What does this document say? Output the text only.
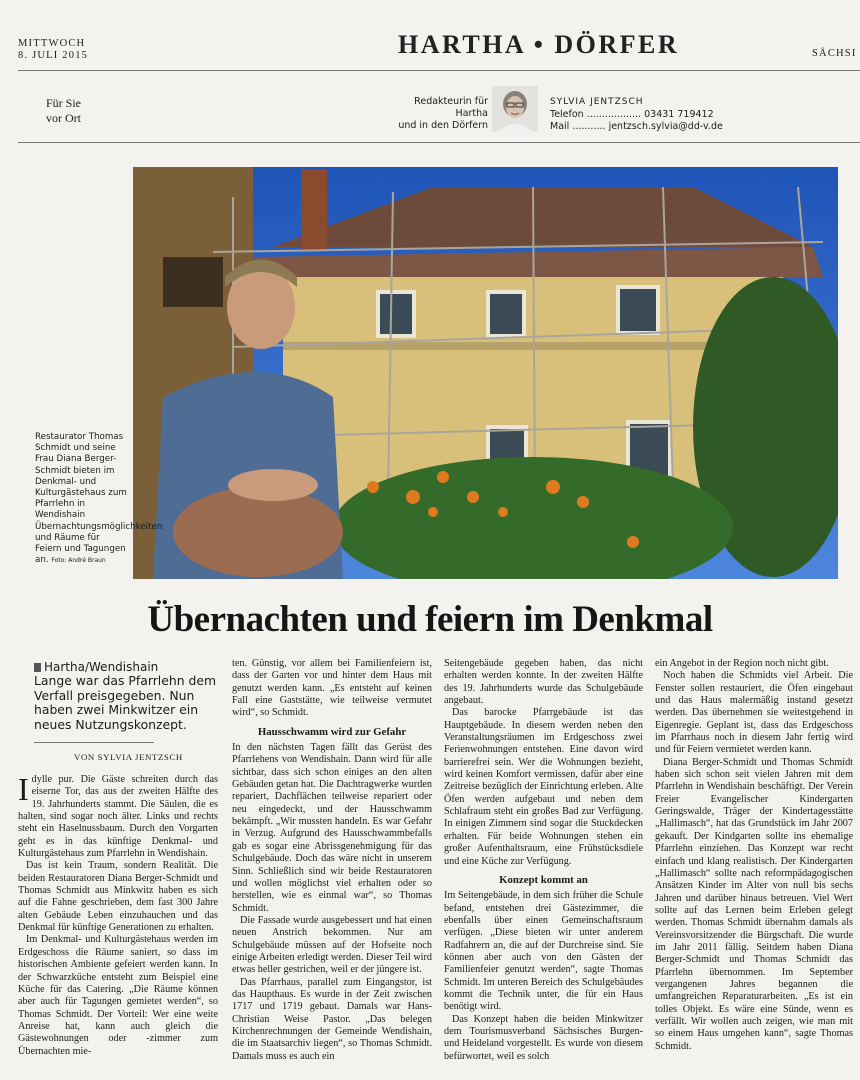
MITTWOCH
8. JULI 2015	HARTHA • DÖRFER	SÄCHSI
Für Sie
vor Ort
Redakteurin für Hartha
und in den Dörfern
SYLVIA JENTZSCH
Telefon .................. 03431 719412
Mail ........... jentzsch.sylvia@dd-v.de
Restaurator Thomas Schmidt und seine Frau Diana Berger-Schmidt bieten im Denkmal- und Kulturgästehaus zum Pfarrlehn in Wendishain Übernachtungsmöglichkeiten und Räume für Feiern und Tagungen an. Foto: André Braun
Übernachten und feiern im Denkmal
Hartha/Wendishain
Lange war das Pfarrlehn dem Verfall preisgegeben. Nun haben zwei Minkwitzer ein neues Nutzungskonzept.
VON SYLVIA JENTZSCH

Idylle pur. Die Gäste schreiten durch das eiserne Tor, das aus der zweiten Hälfte des 19. Jahrhunderts stammt. Die Säulen, die es halten, sind sogar noch älter. Links und rechts steht ein Haselnussbaum. Durch den Vorgarten geht es in das künftige Denkmal- und Kulturgästehaus zum Pfarrlehn in Wendishain.

Das ist kein Traum, sondern Realität. Die beiden Restauratoren Diana Berger-Schmidt und Thomas Schmidt aus Minkwitz haben es sich auf die Fahne geschrieben, dem fast 300 Jahre alten Gebäude Leben einzuhauchen und das Denkmal für künftige Generationen zu erhalten.

Im Denkmal- und Kulturgästehaus werden im Erdgeschoss die Räume saniert, so dass im historischen Ambiente gefeiert werden kann. In der Schwarzküche entsteht zum Beispiel eine Küche für das Catering. „Die Räume können aber auch für Tagungen gemietet werden“, so Thomas Schmidt. Der Vorteil: Wer eine weite Anreise hat, kann auch gleich die Gästewohnungen oder -zimmer zum Übernachten mie-

ten. Günstig, vor allem bei Familienfeiern ist, dass der Garten vor und hinter dem Haus mit genutzt werden kann. „Es entsteht auf keinen Fall eine Gaststätte, wie teilweise vermutet wird“, so Schmidt.

Hausschwamm wird zur Gefahr

In den nächsten Tagen fällt das Gerüst des Pfarrlehens von Wendishain. Dann wird für alle sichtbar, dass sich schon einiges an den alten Gebäuden getan hat. Die Dachtragwerke wurden repariert, Dachflächen teilweise repariert oder neu eingedeckt, und der Hausschwamm bekämpft. „Wir mussten handeln. Es war Gefahr in Verzug. Aufgrund des Hausschwammbefalls gab es sogar eine Abrissgenehmigung für das Schulgebäude. Doch das wäre nicht in unserem Sinn. Schließlich sind wir beide Restauratoren und wollen möglichst viel erhalten oder so herstellen, wie es einmal war“, so Thomas Schmidt.

Die Fassade wurde ausgebessert und hat einen neuen Anstrich bekommen. Nur am Schulgebäude müssen auf der Hofseite noch einige Arbeiten erledigt werden. Dieser Teil wird etwas heller gestrichen, weil er der jüngere ist.

Das Pfarrhaus, parallel zum Eingangstor, ist das Haupthaus. Es wurde in der Zeit zwischen 1717 und 1719 gebaut. Damals war Hans-Christian Weise Pastor. „Das belegen Kirchenrechnungen der Gemeinde Wendishain, die im Staatsarchiv liegen“, so Thomas Schmidt. Damals muss es auch ein

Seitengebäude gegeben haben, das nicht erhalten werden konnte. In der zweiten Hälfte des 19. Jahrhunderts wurde das Schulgebäude angebaut.

Das barocke Pfarrgebäude ist das Hauptgebäude. In diesem werden neben den Veranstaltungsräumen im Erdgeschoss zwei Ferienwohnungen entstehen. Eine davon wird barrierefrei sein. Wer die Wohnungen bezieht, wird keinen Komfort vermissen, dafür aber eine Zeitreise bezüglich der Einrichtung erleben. Alte Öfen werden aufgebaut und neben dem Schlafraum steht ein großes Bad zur Verfügung. In einigen Zimmern sind sogar die Stuckdecken erhalten. Für beide Wohnungen stehen ein großer Aufenthaltsraum, eine Frühstücksdiele und eine Küche zur Verfügung.

Konzept kommt an

Im Seitengebäude, in dem sich früher die Schule befand, entstehen drei Gästezimmer, die ebenfalls über einen Gemeinschaftsraum verfügen. „Diese bieten wir unter anderem Radfahrern an, die auf der Durchreise sind. Sie können aber auch von den Gästen der Familienfeier genutzt werden“, sagte Thomas Schmidt. Im unteren Bereich des Schulgebäudes kommt die Technik unter, die für ein Haus benötigt wird.

Das Konzept haben die beiden Minkwitzer dem Tourismusverband Sächsisches Burgen- und Heideland vorgestellt. Es wurde von diesem befürwortet, weil es solch

ein Angebot in der Region noch nicht gibt.

Noch haben die Schmidts viel Arbeit. Die Fenster sollen restauriert, die Öfen eingebaut und das Haus malermäßig instand gesetzt werden. Das übernehmen sie weitestgehend in Eigenregie. Geplant ist, dass das Erdgeschoss im Pfarrhaus noch in diesem Jahr fertig wird und für Feiern vermietet werden kann.

Diana Berger-Schmidt und Thomas Schmidt haben sich schon seit vielen Jahren mit dem Pfarrlehn in Wendishain beschäftigt. Der Verein Freier Evangelischer Kindergarten Geringswalde, Träger der Kindertagesstätte „Hallimasch“, hat das Grundstück im Jahr 2007 gekauft. Der Kindgarten sollte ins ehemalige Pfarrlehn einziehen. Das Konzept war recht einfach und klang realistisch. Der Kindergarten „Hallimasch“ sollte nach reformpädagogischen Ansätzen Kinder im Alter von null bis sechs Jahren und darüber hinaus betreuen. Viel Wert sollte auf das Lernen beim Erleben gelegt werden. Thomas Schmidt übernahm damals als Vereinsvorsitzender die Bürgschaft. Die wurde im Jahr 2011 fällig. Seitdem haben Diana Berger-Schmidt und Thomas Schmidt das Pfarrlehn übernommen. Im September vergangenen Jahres begannen die umfangreichen Reparaturarbeiten. „Es ist ein tolles Objekt. Es wäre eine Sünde, wenn es verfällt. Wir wollen auch zeigen, wie man mit so einem Haus umgehen kann“, sagte Thomas Schmidt.
